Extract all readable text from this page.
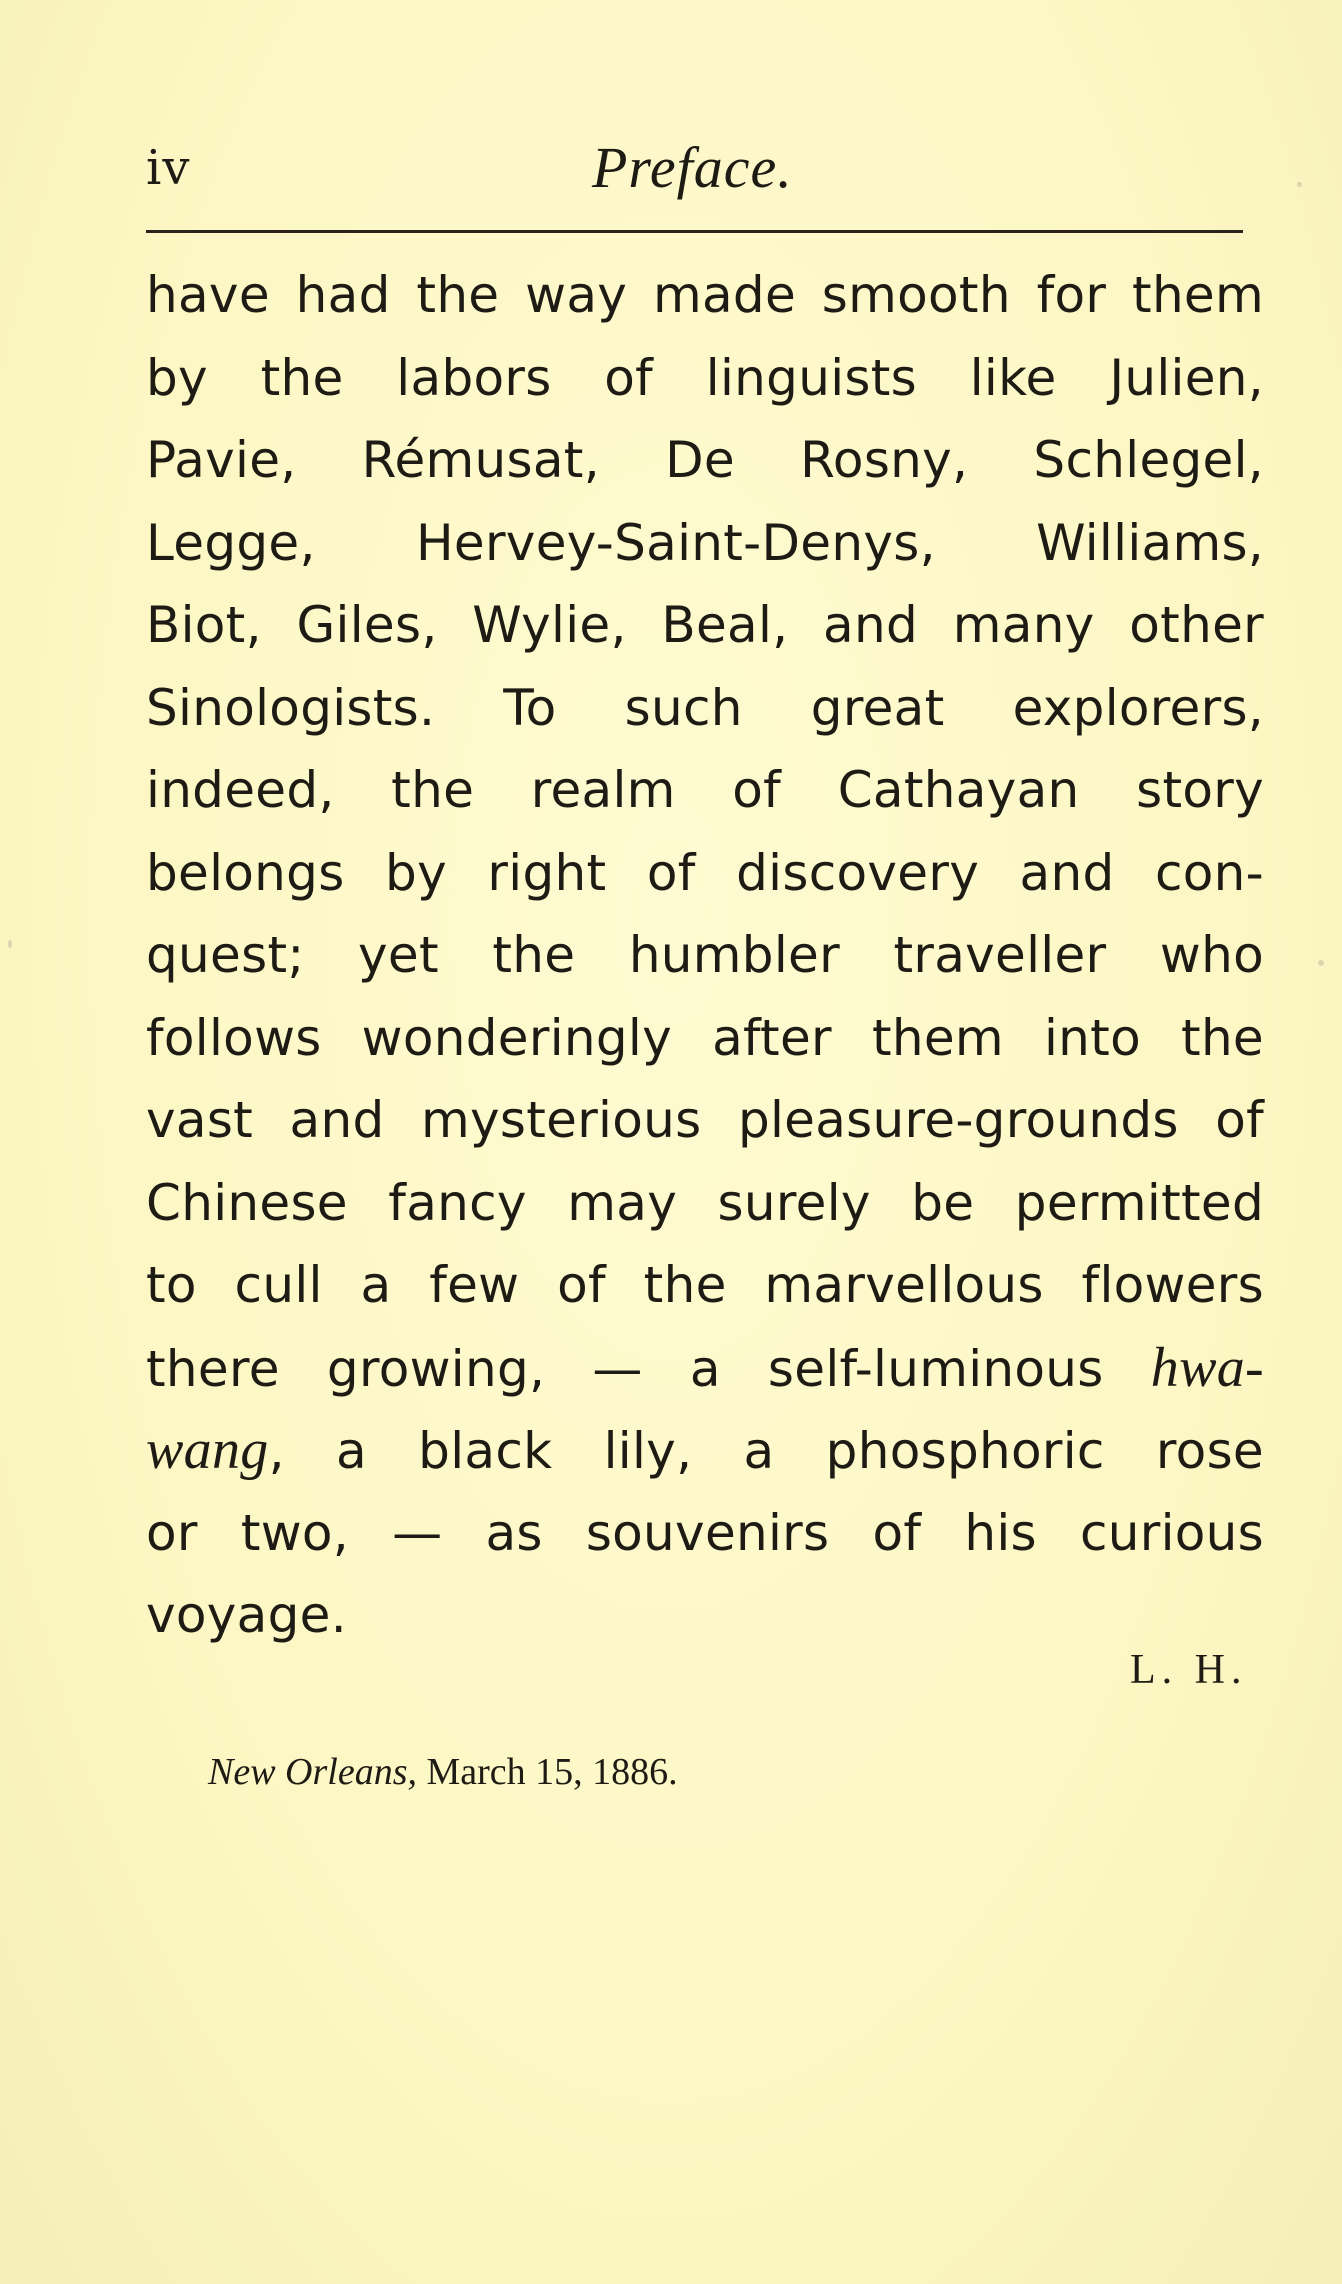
iv	Preface.
have had the way made smooth for them
by the labors of linguists like Julien,
Pavie, Rémusat, De Rosny, Schlegel,
Legge, Hervey-Saint-Denys, Williams,
Biot, Giles, Wylie, Beal, and many other
Sinologists. To such great explorers,
indeed, the realm of Cathayan story
belongs by right of discovery and con-
quest; yet the humbler traveller who
follows wonderingly after them into the
vast and mysterious pleasure-grounds of
Chinese fancy may surely be permitted
to cull a few of the marvellous flowers
there growing, — a self-luminous hwa-
wang, a black lily, a phosphoric rose
or two, — as souvenirs of his curious
voyage.
L. H.
New Orleans, March 15, 1886.
